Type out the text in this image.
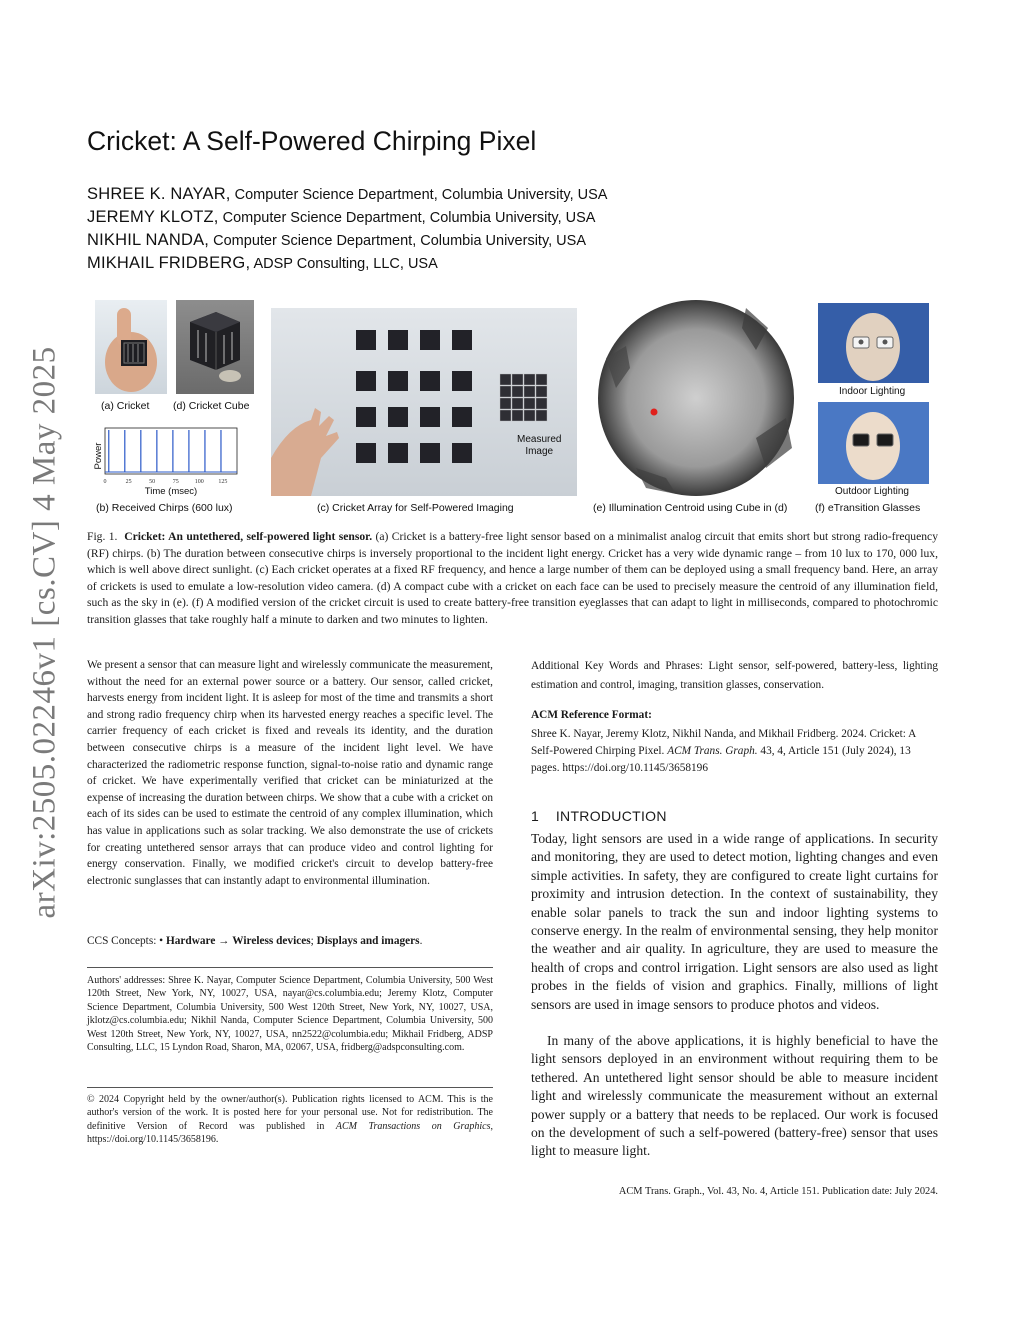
arXiv:2505.02246v1 [cs.CV] 4 May 2025
Cricket: A Self-Powered Chirping Pixel
SHREE K. NAYAR, Computer Science Department, Columbia University, USA
JEREMY KLOTZ, Computer Science Department, Columbia University, USA
NIKHIL NANDA, Computer Science Department, Columbia University, USA
MIKHAIL FRIDBERG, ADSP Consulting, LLC, USA
(a) Cricket (d) Cricket Cube
Power
0	25	50	75	100 125
Time (msec)
(b) Received Chirps (600 lux)
Measured
Image
(c) Cricket Array for Self-Powered Imaging	(e) Illumination Centroid using Cube in (d)
Indoor Lighting
Outdoor Lighting
(f) eTransition Glasses
Fig. 1. Cricket: An untethered, self-powered light sensor. (a) Cricket is a battery-free light sensor based on a minimalist analog circuit that emits short but strong radio-frequency (RF) chirps. (b) The duration between consecutive chirps is inversely proportional to the incident light energy. Cricket has a very wide dynamic range – from 10 lux to 170, 000 lux, which is well above direct sunlight. (c) Each cricket operates at a fixed RF frequency, and hence a large number of them can be deployed using a small frequency band. Here, an array of crickets is used to emulate a low-resolution video camera. (d) A compact cube with a cricket on each face can be used to precisely measure the centroid of any illumination field, such as the sky in (e). (f) A modified version of the cricket circuit is used to create battery-free transition eyeglasses that can adapt to light in milliseconds, compared to photochromic transition glasses that take roughly half a minute to darken and two minutes to lighten.

We present a sensor that can measure light and wirelessly communicate the measurement, without the need for an external power source or a battery. Our sensor, called cricket, harvests energy from incident light. It is asleep for most of the time and transmits a short and strong radio frequency chirp when its harvested energy reaches a specific level. The carrier frequency of each cricket is fixed and reveals its identity, and the duration between consecutive chirps is a measure of the incident light level. We have characterized the radiometric response function, signal-to-noise ratio and dynamic range of cricket. We have experimentally verified that cricket can be miniaturized at the expense of increasing the duration between chirps. We show that a cube with a cricket on each of its sides can be used to estimate the centroid of any complex illumination, which has value in applications such as solar tracking. We also demonstrate the use of crickets for creating untethered sensor arrays that can produce video and control lighting for energy conservation. Finally, we modified cricket's circuit to develop battery-free electronic sunglasses that can instantly adapt to environmental illumination.

CCS Concepts: • Hardware → Wireless devices; Displays and imagers.

Authors' addresses: Shree K. Nayar, Computer Science Department, Columbia University, 500 West 120th Street, New York, NY, 10027, USA, nayar@cs.columbia.edu; Jeremy Klotz, Computer Science Department, Columbia University, 500 West 120th Street, New York, NY, 10027, USA, jklotz@cs.columbia.edu; Nikhil Nanda, Computer Science Department, Columbia University, 500 West 120th Street, New York, NY, 10027, USA, nn2522@columbia.edu; Mikhail Fridberg, ADSP Consulting, LLC, 15 Lyndon Road, Sharon, MA, 02067, USA, fridberg@adspconsulting.com.

© 2024 Copyright held by the owner/author(s). Publication rights licensed to ACM. This is the author's version of the work. It is posted here for your personal use. Not for redistribution. The definitive Version of Record was published in ACM Transactions on Graphics, https://doi.org/10.1145/3658196.

Additional Key Words and Phrases: Light sensor, self-powered, battery-less, lighting estimation and control, imaging, transition glasses, conservation.

ACM Reference Format:

Shree K. Nayar, Jeremy Klotz, Nikhil Nanda, and Mikhail Fridberg. 2024. Cricket: A Self-Powered Chirping Pixel. ACM Trans. Graph. 43, 4, Article 151 (July 2024), 13 pages. https://doi.org/10.1145/3658196

1    INTRODUCTION

Today, light sensors are used in a wide range of applications. In security and monitoring, they are used to detect motion, lighting changes and even simple activities. In safety, they are configured to create light curtains for proximity and intrusion detection. In the context of sustainability, they enable solar panels to track the sun and indoor lighting systems to conserve energy. In the realm of environmental sensing, they help monitor the weather and air quality. In agriculture, they are used to measure the health of crops and control irrigation. Light sensors are also used as light probes in the fields of vision and graphics. Finally, millions of light sensors are used in image sensors to produce photos and videos.

In many of the above applications, it is highly beneficial to have the light sensors deployed in an environment without requiring them to be tethered. An untethered light sensor should be able to measure incident light and wirelessly communicate the measurement without an external power supply or a battery that needs to be replaced. Our work is focused on the development of such a self-powered (battery-free) sensor that uses light to measure light.

ACM Trans. Graph., Vol. 43, No. 4, Article 151. Publication date: July 2024.
